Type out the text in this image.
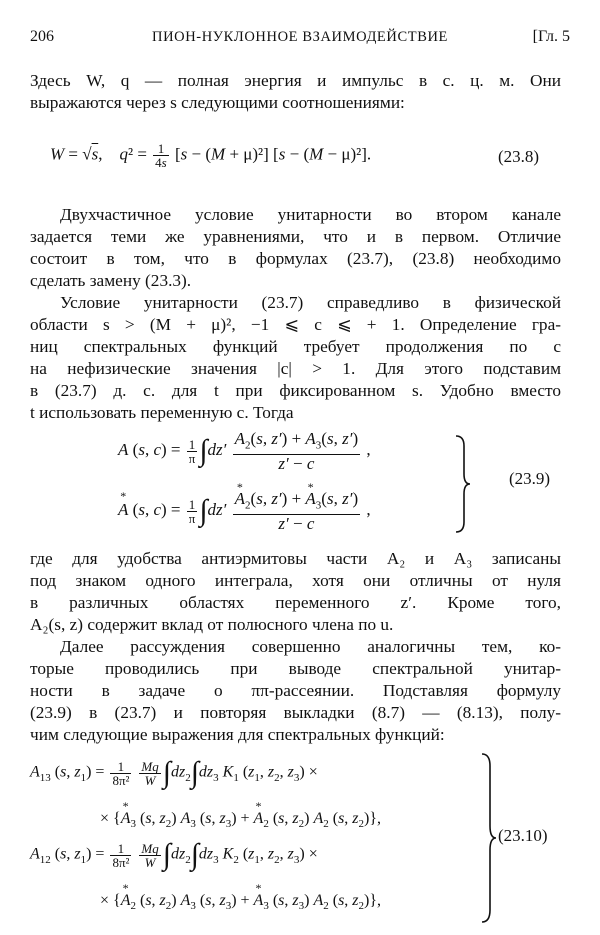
206	ПИОН-НУКЛОННОЕ ВЗАИМОДЕЙСТВИЕ	[Гл. 5
Здесь W, q — полная энергия и импульс в с. ц. м. Они
выражаются через s следующими соотношениями:
W = √s,    $q^2 = \frac{1}{4s} [s - (M + \mu)^2] [s - (M - \mu)^2]$.	(23.8)
Двухчастичное условие унитарности во втором канале
задается теми же уравнениями, что и в первом. Отличие
состоит в том, что в формулах (23.7), (23.8) необходимо
сделать замену (23.3).
Условие унитарности (23.7) справедливо в физической
области s > (M + μ)², −1 ⩽ c ⩽ + 1. Определение гра-
ниц спектральных функций требует продолжения по c
на нефизические значения |c| > 1. Для этого подставим
в (23.7) д. с. для t при фиксированном s. Удобно вместо
t использовать переменную c. Тогда
A (s, $c) = \frac{1}{\pi} \int dz' \frac{A_2(s, z') + A_3(s, z')}{z' - c}$ ,
* A (s, $c) = \frac{1}{\pi} \int dz' * \frac{A_2(s, z') + * A_3(s, z')}{z' - c}$ ,
(23.9)
где для удобства антиэрмитовы части A₂ и A₃ записаны
под знаком одного интеграла, хотя они отличны от нуля
в различных областях переменного z′. Кроме того,
A₂(s, z) содержит вклад от полюсного члена по u.
Далее рассуждения совершенно аналогичны тем, ко-
торые проводились при выводе спектральной унитар-
ности в задаче о ππ-рассеянии. Подставляя формулу
(23.9) в (23.7) и повторяя выкладки (8.7) — (8.13), полу-
чим следующие выражения для спектральных функций:
$A_{13}$ (s, $z_1) = \frac{1}{\text{8π²}}$
$\frac{Mq}{W} \int dz_2\int dz_3$ $K_1$ ($z_1$, $z_2$, $z_3$) ×
× {* $A_3$ (s, $z_2$) $A_3$ (s, $z_3$) + * $A_2$ (s, $z_2$) $A_2$ (s, $z_2$)},
$A_{12}$ (s, $z_1) = \frac{1}{\text{8π²}}$
$\frac{Mq}{W} \int dz_2\int dz_3$ $K_2$ ($z_1$, $z_2$, $z_3$) ×
× {* $A_2$ (s, $z_2$) $A_3$ (s, $z_3$) + * $A_3$ (s, $z_3$) $A_2$ (s, $z_2$)},
(23.10)
